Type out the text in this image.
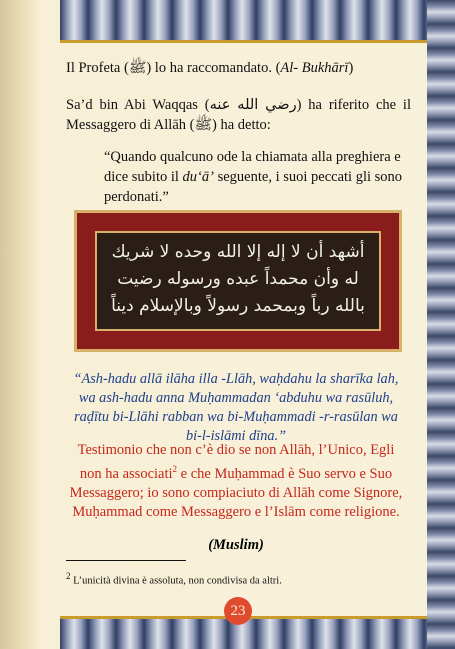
Il Profeta (ﷺ) lo ha raccomandato. (Al- Bukhārī)
Sa’d bin Abi Waqqas (رضي الله عنه) ha riferito che il Messaggero di Allāh (ﷺ) ha detto:
“Quando qualcuno ode la chiamata alla preghiera e dice subito il du‘ā’ seguente, i suoi peccati gli sono perdonati.”
أشهد أن لا إله إلا الله وحده لا شريك له وأن محمداً عبده ورسوله رضيت بالله رباً وبمحمد رسولاً وبالإسلام ديناً
“Ash-hadu allā ilāha illa -Llāh, waḥdahu la sharīka lah, wa ash-hadu anna Muḥammadan ‘abduhu wa rasūluh, raḍītu bi-Llāhi rabban wa bi-Muḥammadi -r-rasūlan wa bi-l-islāmi dīna.”
Testimonio che non c’è dio se non Allāh, l’Unico, Egli non ha associati$^2$ e che Muḥammad è Suo servo e Suo Messaggero; io sono compiaciuto di Allāh come Signore, Muḥammad come Messaggero e l’Islām come religione.
(Muslim)
$^2$ L’unicità divina è assoluta, non condivisa da altri.
23
